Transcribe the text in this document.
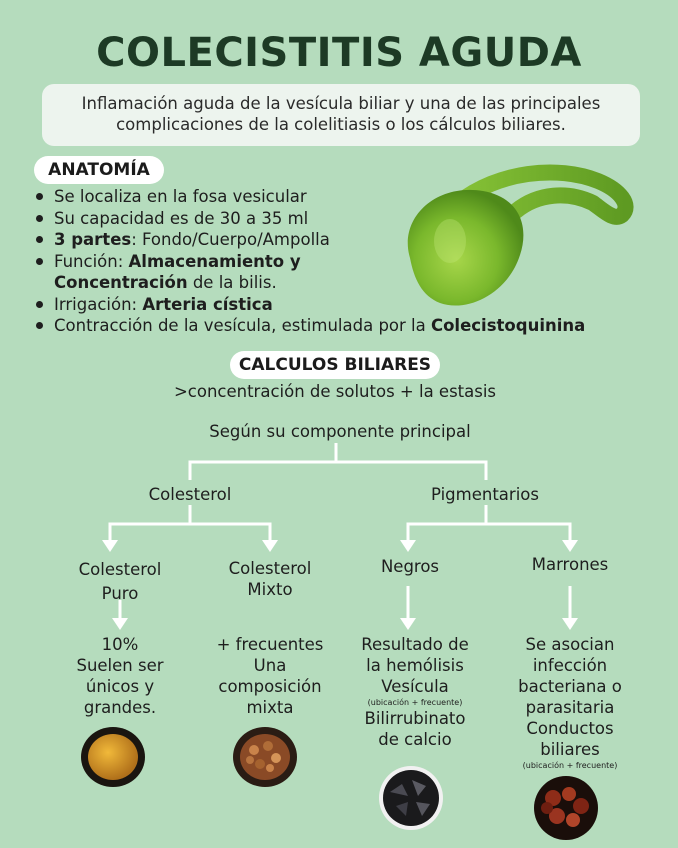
COLECISTITIS AGUDA
Inflamación aguda de la vesícula biliar y una de las principales
complicaciones de la colelitiasis o los cálculos biliares.
ANATOMÍA
Se localiza en la fosa vesicular
Su capacidad es de 30 a 35 ml
3 partes: Fondo/Cuerpo/Ampolla
Función: Almacenamiento y
Concentración de la bilis.
Irrigación: Arteria cística
Contracción de la vesícula, estimulada por la Colecistoquinina
CALCULOS BILIARES
>concentración de solutos + la estasis
Según su componente principal
Colesterol	Pigmentarios
Colesterol
Puro
Colesterol
Mixto
Negros	Marrones
10%
Suelen ser
únicos y
grandes.
+ frecuentes
Una
composición
mixta
Resultado de
la hemólisis
Vesícula
(ubicación + frecuente)
Bilirrubinato
de calcio
Se asocian
infección
bacteriana o
parasitaria
Conductos
biliares
(ubicación + frecuente)
